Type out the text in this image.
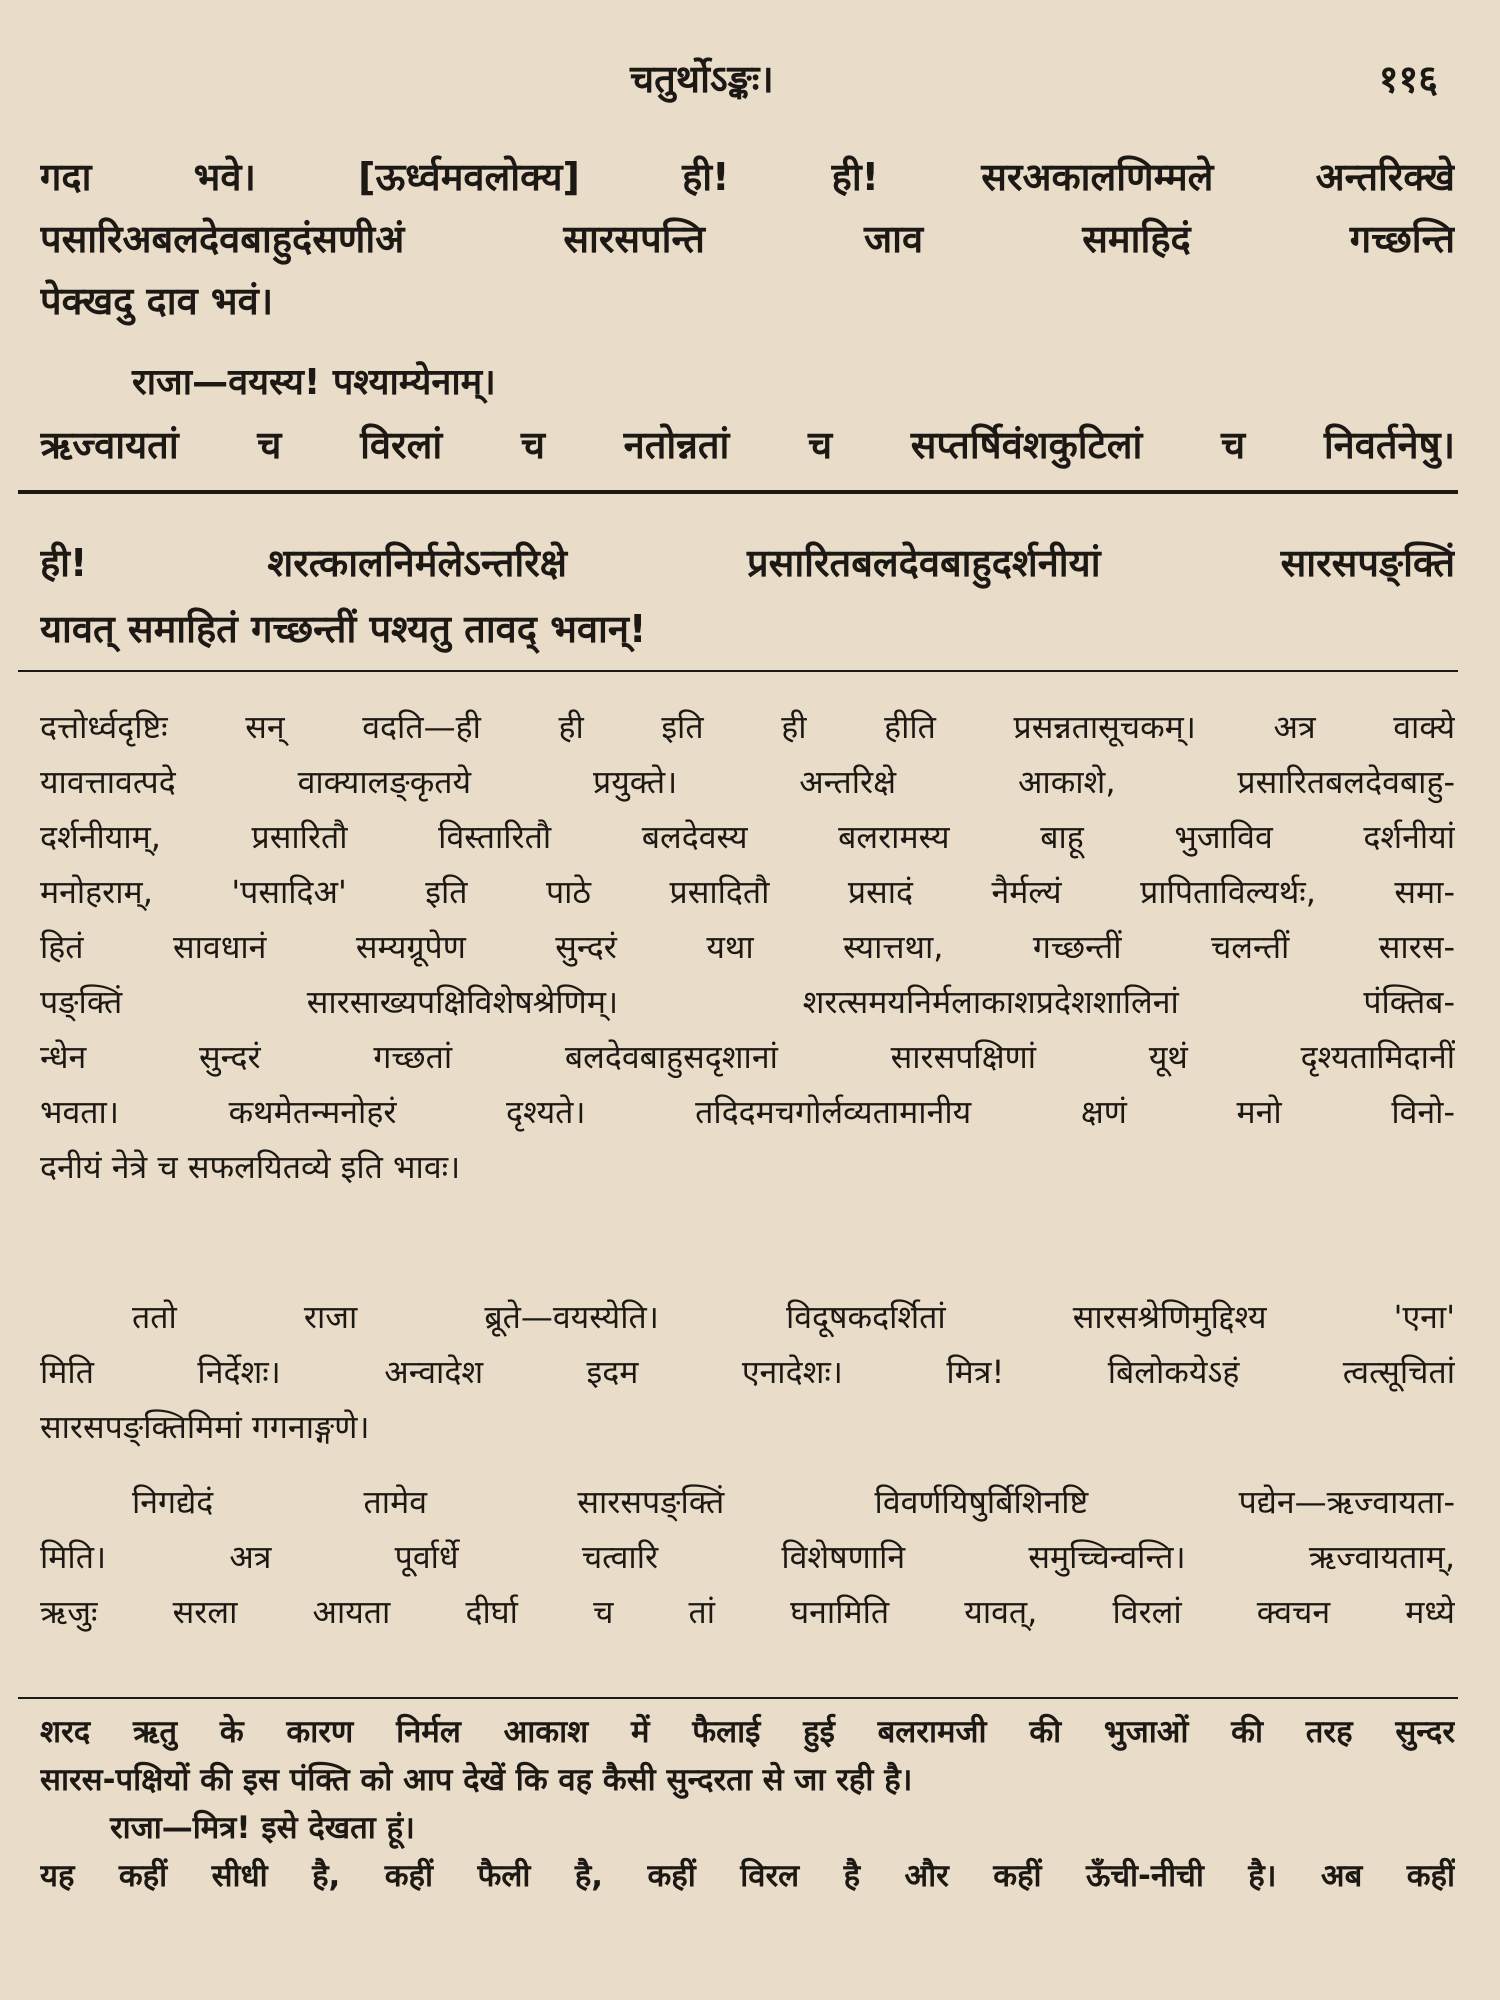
चतुर्थोऽङ्कः।	११६
गदा भवे। [ऊर्ध्वमवलोक्य] ही! ही! सरअकालणिम्मले अन्तरिक्खे
पसारिअबलदेवबाहुदंसणीअं सारसपन्ति जाव समाहिदं गच्छन्ति
पेक्खदु दाव भवं।
राजा—वयस्य! पश्याम्येनाम्।
ऋज्वायतां च विरलां च नतोन्नतां च सप्तर्षिवंशकुटिलां च निवर्तनेषु।
ही! शरत्कालनिर्मलेऽन्तरिक्षे प्रसारितबलदेवबाहुदर्शनीयां सारसपङ्क्तिं
यावत् समाहितं गच्छन्तीं पश्यतु तावद् भवान्!
दत्तोर्ध्वदृष्टिः सन् वदति—ही ही इति ही हीति प्रसन्नतासूचकम्। अत्र वाक्ये
यावत्तावत्पदे वाक्यालङ्कृतये प्रयुक्ते। अन्तरिक्षे आकाशे, प्रसारितबलदेवबाहु-
दर्शनीयाम्, प्रसारितौ विस्तारितौ बलदेवस्य बलरामस्य बाहू भुजाविव दर्शनीयां
मनोहराम्, 'पसादिअ' इति पाठे प्रसादितौ प्रसादं नैर्मल्यं प्रापिताविल्यर्थः, समा-
हितं सावधानं सम्यग्रूपेण सुन्दरं यथा स्यात्तथा, गच्छन्तीं चलन्तीं सारस-
पङ्क्तिं सारसाख्यपक्षिविशेषश्रेणिम्। शरत्समयनिर्मलाकाशप्रदेशशालिनां पंक्तिब-
न्धेन सुन्दरं गच्छतां बलदेवबाहुसदृशानां सारसपक्षिणां यूथं दृश्यतामिदानीं
भवता। कथमेतन्मनोहरं दृश्यते। तदिदमचगोर्लव्यतामानीय क्षणं मनो विनो-
दनीयं नेत्रे च सफलयितव्ये इति भावः।
ततो राजा ब्रूते—वयस्येति। विदूषकदर्शितां सारसश्रेणिमुद्दिश्य 'एना'
मिति निर्देशः। अन्वादेश इदम एनादेशः। मित्र! बिलोकयेऽहं त्वत्सूचितां
सारसपङ्क्तिमिमां गगनाङ्गणे।
निगद्येदं तामेव सारसपङ्क्तिं विवर्णयिषुर्बिशिनष्टि पद्येन—ऋज्वायता-
मिति। अत्र पूर्वार्धे चत्वारि विशेषणानि समुच्चिन्वन्ति। ऋज्वायताम्,
ऋजुः सरला आयता दीर्घा च तां घनामिति यावत्, विरलां क्वचन मध्ये
शरद ऋतु के कारण निर्मल आकाश में फैलाई हुई बलरामजी की भुजाओं की तरह सुन्दर
सारस-पक्षियों की इस पंक्ति को आप देखें कि वह कैसी सुन्दरता से जा रही है।
राजा—मित्र! इसे देखता हूं।
यह कहीं सीधी है, कहीं फैली है, कहीं विरल है और कहीं ऊँची-नीची है। अब कहीं
